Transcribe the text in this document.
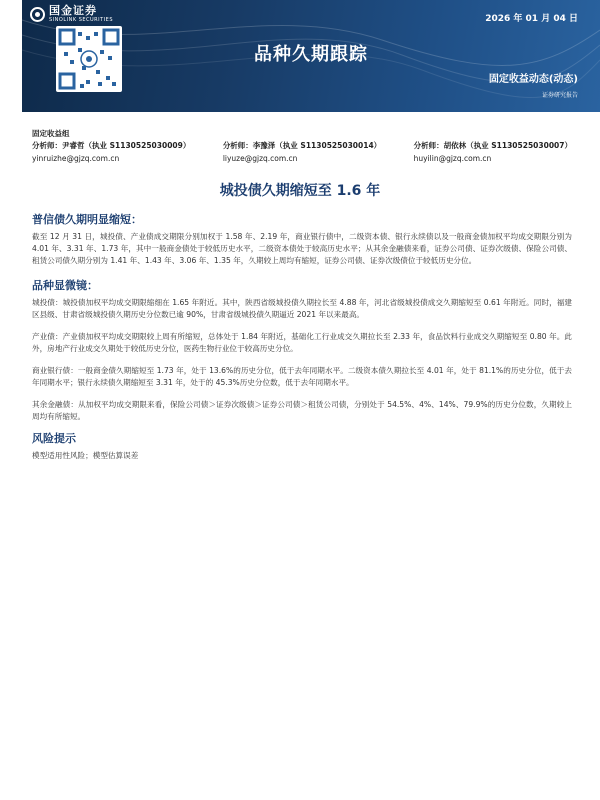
国金证券
SINOLINK SECURITIES	2026 年 01 月 04 日
品种久期跟踪
固定收益动态(动态)
证券研究报告
固定收益组
分析师：尹睿哲（执业 S1130525030009）
yinruizhe@gjzq.com.cn
分析师：李豫泽（执业 S1130525030014）
liyuze@gjzq.com.cn
分析师：胡依林（执业 S1130525030007）
huyilin@gjzq.com.cn
城投债久期缩短至 1.6 年
普信债久期明显缩短：

截至 12 月 31 日，城投债、产业债成交期限分别加权于 1.58 年、2.19 年，商业银行债中，二级资本债、银行永续债以及一般商金债加权平均成交期限分别为 4.01 年、3.31 年、1.73 年，其中一般商金债处于较低历史水平，二级资本债处于较高历史水平；从其余金融债来看，证券公司债、证券次级债、保险公司债、租赁公司债久期分别为 1.41 年、1.43 年、3.06 年、1.35 年，久期较上周均有缩短，证券公司债、证券次级债位于较低历史分位。

品种显微镜：

城投债：城投债加权平均成交期限缩细在 1.65 年附近。其中，陕西省级城投债久期拉长至 4.88 年，河北省级城投债成交久期缩短至 0.61 年附近。同时，福建区县级、甘肃省级城投债久期历史分位数已逾 90%，甘肃省级城投债久期逼近 2021 年以来最高。

产业债：产业债加权平均成交期限较上周有所缩短，总体处于 1.84 年附近，基础化工行业成交久期拉长至 2.33 年，食品饮料行业成交久期缩短至 0.80 年。此外，房地产行业成交久期处于较低历史分位，医药生物行业位于较高历史分位。

商业银行债：一般商金债久期缩短至 1.73 年，处于 13.6%的历史分位，低于去年同期水平。二级资本债久期拉长至 4.01 年，处于 81.1%的历史分位，低于去年同期水平；银行永续债久期缩短至 3.31 年，处于的 45.3%历史分位数，低于去年同期水平。

其余金融债：从加权平均成交期限来看，保险公司债＞证券次级债＞证券公司债＞租赁公司债，分别处于 54.5%、4%、14%、79.9%的历史分位数，久期较上周均有所缩短。

风险提示

模型适用性风险；模型估算误差
